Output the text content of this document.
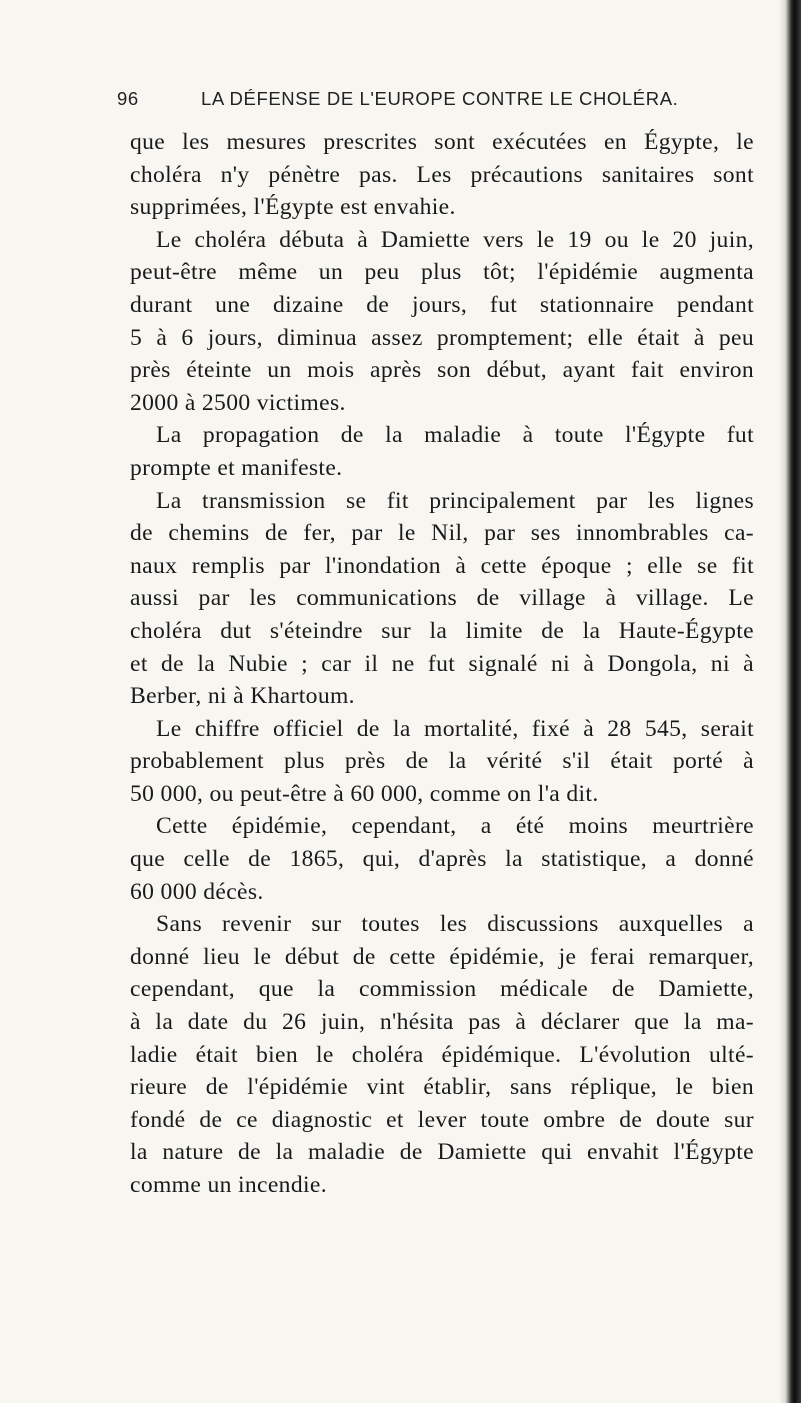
96	LA DÉFENSE DE L'EUROPE CONTRE LE CHOLÉRA.
que les mesures prescrites sont exécutées en Égypte, le
choléra n'y pénètre pas. Les précautions sanitaires sont
supprimées, l'Égypte est envahie.
Le choléra débuta à Damiette vers le 19 ou le 20 juin,
peut-être même un peu plus tôt; l'épidémie augmenta
durant une dizaine de jours, fut stationnaire pendant
5 à 6 jours, diminua assez promptement; elle était à peu
près éteinte un mois après son début, ayant fait environ
2000 à 2500 victimes.
La propagation de la maladie à toute l'Égypte fut
prompte et manifeste.
La transmission se fit principalement par les lignes
de chemins de fer, par le Nil, par ses innombrables ca-
naux remplis par l'inondation à cette époque ; elle se fit
aussi par les communications de village à village. Le
choléra dut s'éteindre sur la limite de la Haute-Égypte
et de la Nubie ; car il ne fut signalé ni à Dongola, ni à
Berber, ni à Khartoum.
Le chiffre officiel de la mortalité, fixé à 28 545, serait
probablement plus près de la vérité s'il était porté à
50 000, ou peut-être à 60 000, comme on l'a dit.
Cette épidémie, cependant, a été moins meurtrière
que celle de 1865, qui, d'après la statistique, a donné
60 000 décès.
Sans revenir sur toutes les discussions auxquelles a
donné lieu le début de cette épidémie, je ferai remarquer,
cependant, que la commission médicale de Damiette,
à la date du 26 juin, n'hésita pas à déclarer que la ma-
ladie était bien le choléra épidémique. L'évolution ulté-
rieure de l'épidémie vint établir, sans réplique, le bien
fondé de ce diagnostic et lever toute ombre de doute sur
la nature de la maladie de Damiette qui envahit l'Égypte
comme un incendie.
